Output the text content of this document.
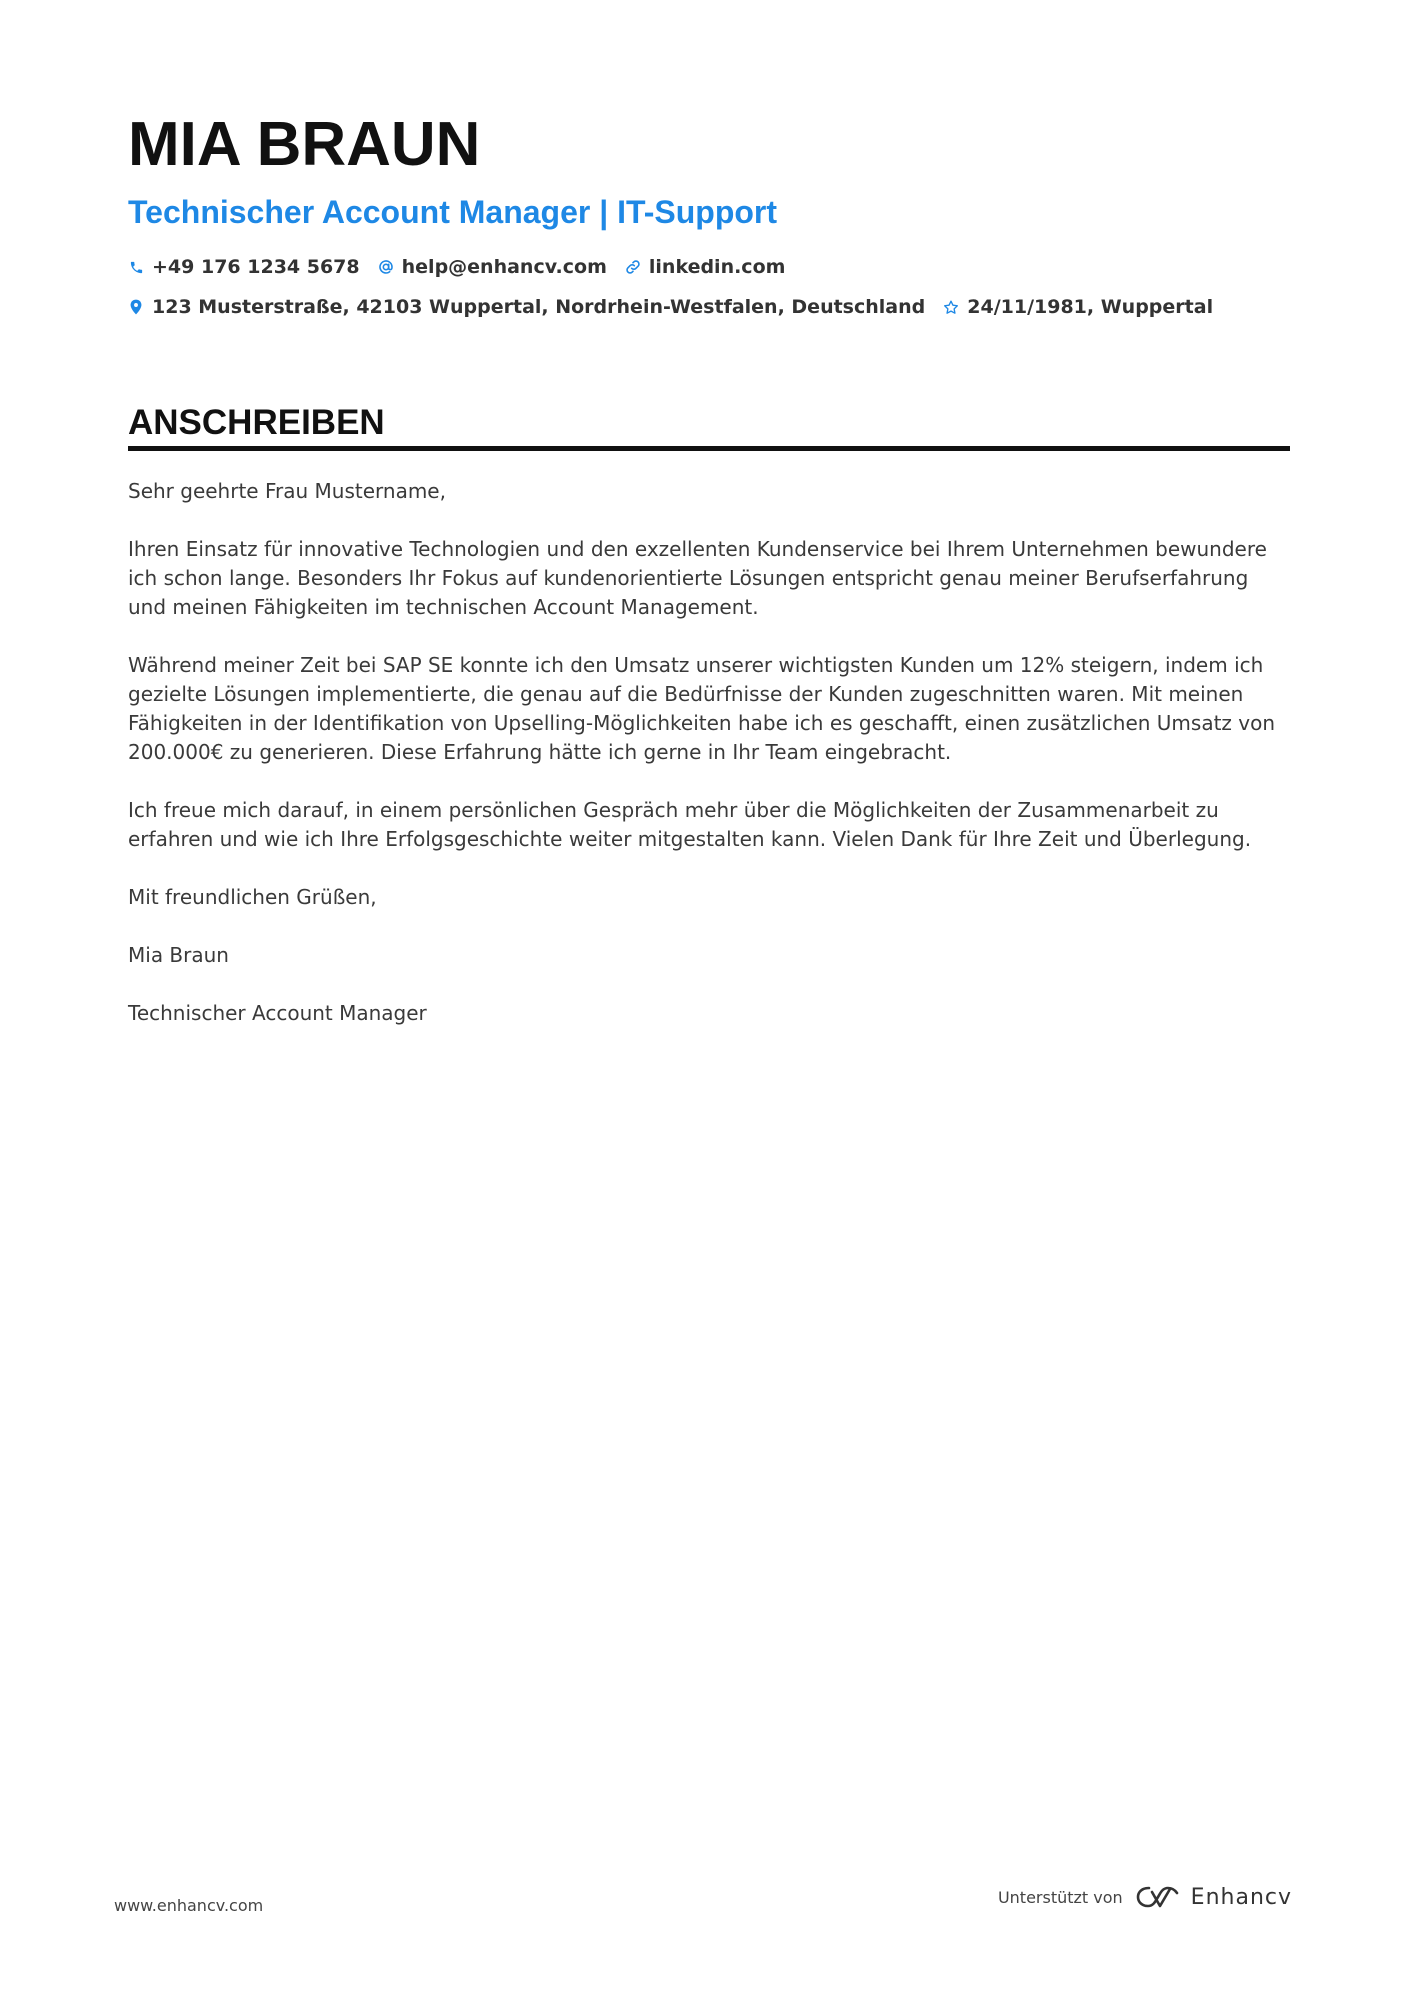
MIA BRAUN
Technischer Account Manager | IT-Support
+49 176 1234 5678 help@enhancv.com linkedin.com
123 Musterstraße, 42103 Wuppertal, Nordrhein-Westfalen, Deutschland 24/11/1981, Wuppertal
ANSCHREIBEN

Sehr geehrte Frau Mustername,

Ihren Einsatz für innovative Technologien und den exzellenten Kundenservice bei Ihrem Unternehmen bewundere ich schon lange. Besonders Ihr Fokus auf kundenorientierte Lösungen entspricht genau meiner Berufserfahrung und meinen Fähigkeiten im technischen Account Management.

Während meiner Zeit bei SAP SE konnte ich den Umsatz unserer wichtigsten Kunden um 12% steigern, indem ich gezielte Lösungen implementierte, die genau auf die Bedürfnisse der Kunden zugeschnitten waren. Mit meinen Fähigkeiten in der Identifikation von Upselling-Möglichkeiten habe ich es geschafft, einen zusätzlichen Umsatz von 200.000€ zu generieren. Diese Erfahrung hätte ich gerne in Ihr Team eingebracht.

Ich freue mich darauf, in einem persönlichen Gespräch mehr über die Möglichkeiten der Zusammenarbeit zu erfahren und wie ich Ihre Erfolgsgeschichte weiter mitgestalten kann. Vielen Dank für Ihre Zeit und Überlegung.

Mit freundlichen Grüßen,

Mia Braun

Technischer Account Manager

www.enhancv.com	Unterstützt von	Enhancv
